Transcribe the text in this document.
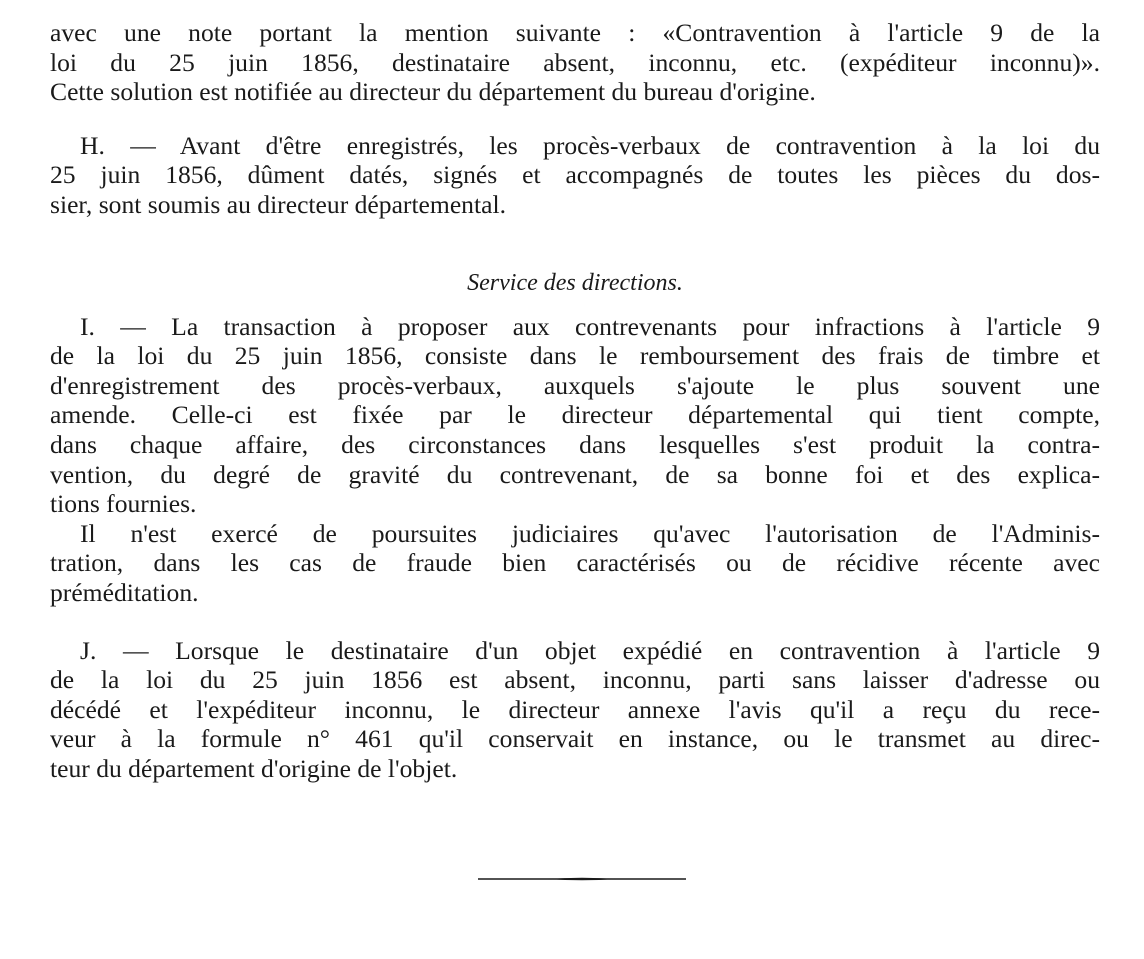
avec une note portant la mention suivante : «Contravention à l'article 9 de la
loi du 25 juin 1856, destinataire absent, inconnu, etc. (expéditeur inconnu)».
Cette solution est notifiée au directeur du département du bureau d'origine.

H. — Avant d'être enregistrés, les procès-verbaux de contravention à la loi du
25 juin 1856, dûment datés, signés et accompagnés de toutes les pièces du dos-
sier, sont soumis au directeur départemental.

Service des directions.

I. — La transaction à proposer aux contrevenants pour infractions à l'article 9
de la loi du 25 juin 1856, consiste dans le remboursement des frais de timbre et
d'enregistrement des procès-verbaux, auxquels s'ajoute le plus souvent une
amende. Celle-ci est fixée par le directeur départemental qui tient compte,
dans chaque affaire, des circonstances dans lesquelles s'est produit la contra-
vention, du degré de gravité du contrevenant, de sa bonne foi et des explica-
tions fournies.

Il n'est exercé de poursuites judiciaires qu'avec l'autorisation de l'Adminis-
tration, dans les cas de fraude bien caractérisés ou de récidive récente avec
préméditation.

J. — Lorsque le destinataire d'un objet expédié en contravention à l'article 9
de la loi du 25 juin 1856 est absent, inconnu, parti sans laisser d'adresse ou
décédé et l'expéditeur inconnu, le directeur annexe l'avis qu'il a reçu du rece-
veur à la formule n° 461 qu'il conservait en instance, ou le transmet au direc-
teur du département d'origine de l'objet.
